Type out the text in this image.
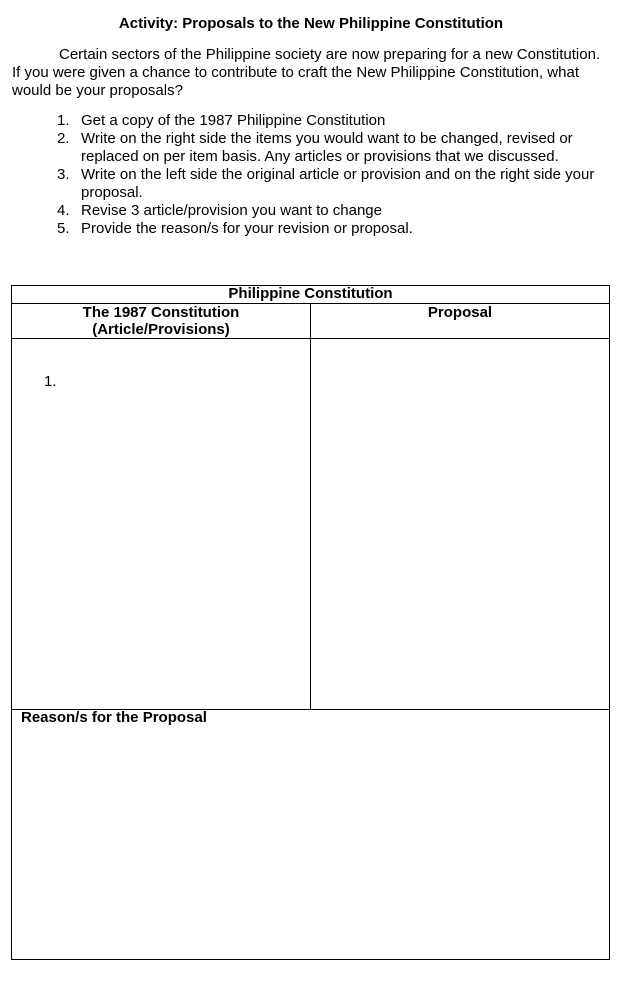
Activity: Proposals to the New Philippine Constitution

Certain sectors of the Philippine society are now preparing for a new Constitution. If you were given a chance to contribute to craft the New Philippine Constitution, what would be your proposals?

1. Get a copy of the 1987 Philippine Constitution
2. Write on the right side the items you would want to be changed, revised or replaced on per item basis. Any articles or provisions that we discussed.
3. Write on the left side the original article or provision and on the right side your proposal.
4. Revise 3 article/provision you want to change
5. Provide the reason/s for your revision or proposal.
Philippine Constitution	
The 1987 Constitution
(Article/Provisions)	Proposal

1.	

Reason/s for the Proposal	
